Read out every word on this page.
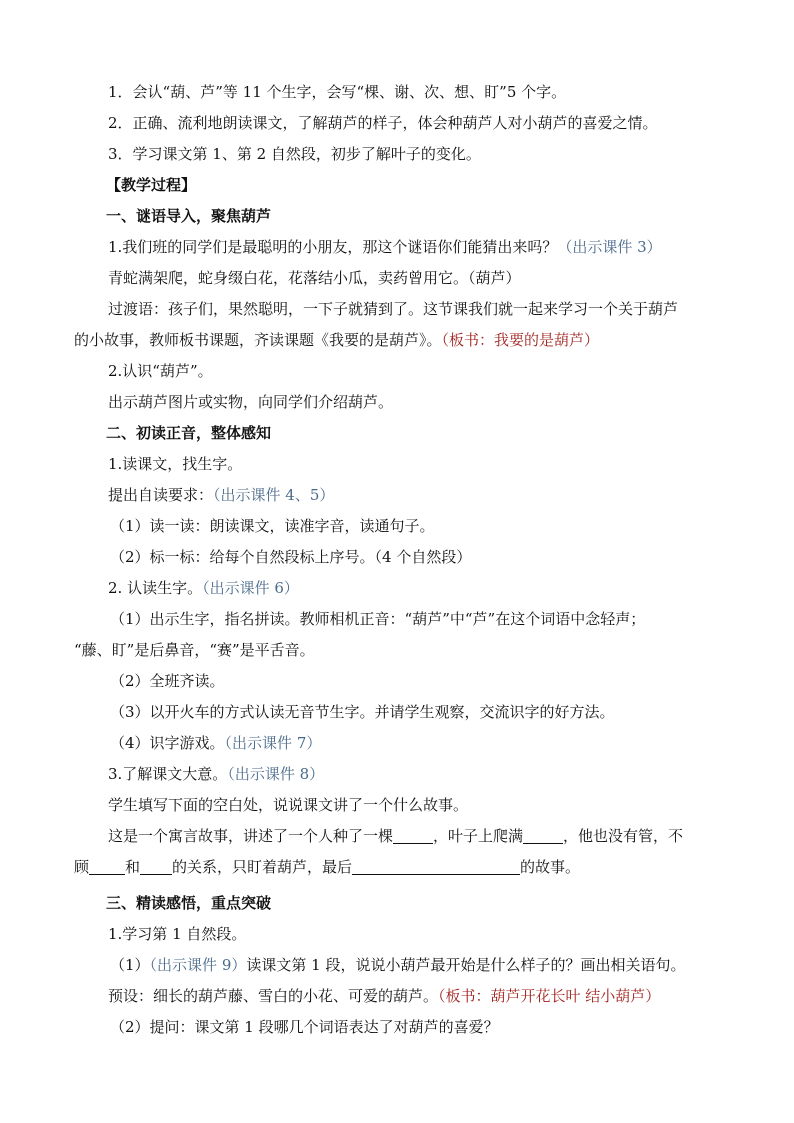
1．会认“葫、芦”等 11 个生字，会写“棵、谢、次、想、盯”5 个字。
2．正确、流利地朗读课文，了解葫芦的样子，体会种葫芦人对小葫芦的喜爱之情。
3．学习课文第 1、第 2 自然段，初步了解叶子的变化。
【教学过程】
一、谜语导入，聚焦葫芦
1.我们班的同学们是最聪明的小朋友，那这个谜语你们能猜出来吗？（出示课件 3）
青蛇满架爬，蛇身缀白花，花落结小瓜，卖药曾用它。（葫芦）
过渡语：孩子们，果然聪明，一下子就猜到了。这节课我们就一起来学习一个关于葫芦
的小故事，教师板书课题，齐读课题《我要的是葫芦》。（板书：我要的是葫芦）
2.认识“葫芦”。
出示葫芦图片或实物，向同学们介绍葫芦。
二、初读正音，整体感知
1.读课文，找生字。
提出自读要求：（出示课件 4、5）
（1）读一读：朗读课文，读准字音，读通句子。
（2）标一标：给每个自然段标上序号。（4 个自然段）
2. 认读生字。（出示课件 6）
（1）出示生字，指名拼读。教师相机正音：“葫芦”中“芦”在这个词语中念轻声；
“藤、盯”是后鼻音，“赛”是平舌音。
（2）全班齐读。
（3）以开火车的方式认读无音节生字。并请学生观察，交流识字的好方法。
（4）识字游戏。（出示课件 7）
3.了解课文大意。（出示课件 8）
学生填写下面的空白处，说说课文讲了一个什么故事。
这是一个寓言故事，讲述了一个人种了一棵	，叶子上爬满	，他也没有管，不
顾 和 的关系，只盯着葫芦，最后	的故事。
三、精读感悟，重点突破
1.学习第 1 自然段。
（1）（出示课件 9）读课文第 1 段，说说小葫芦最开始是什么样子的？画出相关语句。
预设：细长的葫芦藤、雪白的小花、可爱的葫芦。（板书：葫芦开花长叶 结小葫芦）
（2）提问：课文第 1 段哪几个词语表达了对葫芦的喜爱？
